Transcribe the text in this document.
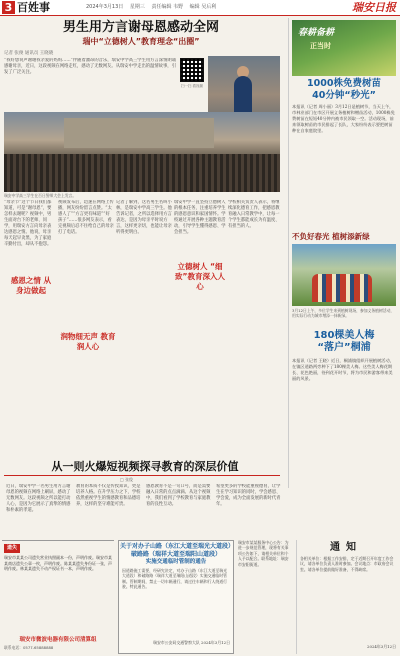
3 百姓事	2024年3月13日 星期三 责任编辑 韦野 编辑 吴后利	瑞安日报
男生用方言谢母恩感动全网
瑞中“立德树人”教育理念“出圈”
记者 张俊 通讯员 王晓晓
“我好想说声谢谢我亲爱的妈妈……”伴随着激昂的音乐，瑞安中学高三学生用方言深情朗诵感谢母亲，近日，这段视频在网络走红，感动了无数网友。从瑞安中学走出的温情故事，引发了广泛关注。
扫一扫 看视频
瑞安中学高三学生在百日誓师大会上发言。
“母亲节”这个节日我们都知道，可是“谢母恩”，要怎样去谢呢？视频中，男生面对台下的老师、同学，用瑞安方言向母亲表达感恩之情。他说，母亲每天起早贪黑，为了家庭辛勤付出，却从不抱怨。
视频发布后，迅速在网络上传播，网友纷纷留言点赞。“太感人了”“方言更有味道”“好孩子”……很多网友表示，看完视频后忍不住给自己的母亲打了电话。
记者了解到，这名男生名叫小林，是瑞安中学高三学生。他告诉记者，之所以选择用方言表达，是因为母亲平时说方言，这样更亲切，也能让母亲听得更明白。
瑞安中学一直坚持立德树人的根本任务，注重培养学生的感恩意识和家国情怀。学校通过开展各种主题教育活动，引导学生懂得感恩、学会担当。
学校相关负责人表示，将继续深化德育工作，把感恩教育融入日常教学中，让每一个学生都能成长为有温度、有担当的人。
感恩之情 从身边做起
润物细无声 教育润人心
立德树人 “细致”教育深入人心
从一则火爆短视频探寻教育的深层价值
□ 张俊
近日，瑞安中学一名男生用方言谢母恩的视频在网络上刷屏，感动了无数网友。这段视频之所以能打动人心，是因为它展示了真挚的情感和朴素的孝道。
教育的本质不仅是传授知识，更是培养人格。在升学压力之下，学校依然重视学生的情感教育和品德培养，这样的坚守难能可贵。
感恩教育不是一句口号，而是需要融入日常的点点滴滴。从这个视频中，我们看到了学校教育与家庭教育的良性互动。
希望更多的学校能重视德育，让学生在学习知识的同时，学会感恩、学会爱，成为全面发展的新时代青年。
春耕备耕
正当时
1000株免费树苗
40分钟“秒光”
本报讯（记者 周小丽）3月12日是植树节，当天上午，市林业部门在市区开展义务植树和赠苗活动，1000株免费树苗在短短40分钟内被市民领取一空。活动现场，前来领取树苗的市民排起了长队，大家纷纷表示要把树苗种在自家庭院里。
不负好春光 植树添新绿
3月12日上午，多位学生来到植树现场，参加义务植树活动，用实际行动为城市增添一抹新绿。
180棵美人梅
“落户”桐浦
本报讯（记者 王晓）近日，桐浦镇组织开展植树活动，在镇区道路两旁种下了180棵美人梅。这些美人梅花期长、花色艳丽，待到花开时节，将为市民和游客带来美丽的风景。
遗失
瑞安市某某公司遗失营业执照副本一份，声明作废。瑞安市某某商店遗失公章一枚，声明作废。陈某某遗失身份证一张，声明作废。林某某遗失不动产权证书一本，声明作废。
瑞安市微波电器有限公司清算组
联系电话：0577-65888888
关于对办子山路（东江大道至瑞光大道段）
破路路（瑞祥大道至瑞阳山道段）
实施交通临时管制的通告
因道路施工需要，经研究决定，对办子山路（东江大道至瑞光大道段）和破路路（瑞祥大道至瑞阳山道段）实施交通临时管制。管制期间，禁止一切车辆通行，请过往车辆和行人绕道行驶。特此通告。
瑞安市公安局交通警察大队 2024年3月12日
瑞安市某某服务中心公告：为进一步规范管理，现将有关事项公告如下，请相关单位和个人予以配合。联系地址：瑞安市安阳街道。
通知
各相关单位：根据工作安排，定于近期召开年度工作会议，请各单位负责人准时参加。会议地点：市政府会议室。请各单位提前做好准备，不得缺席。
2024年3月12日
